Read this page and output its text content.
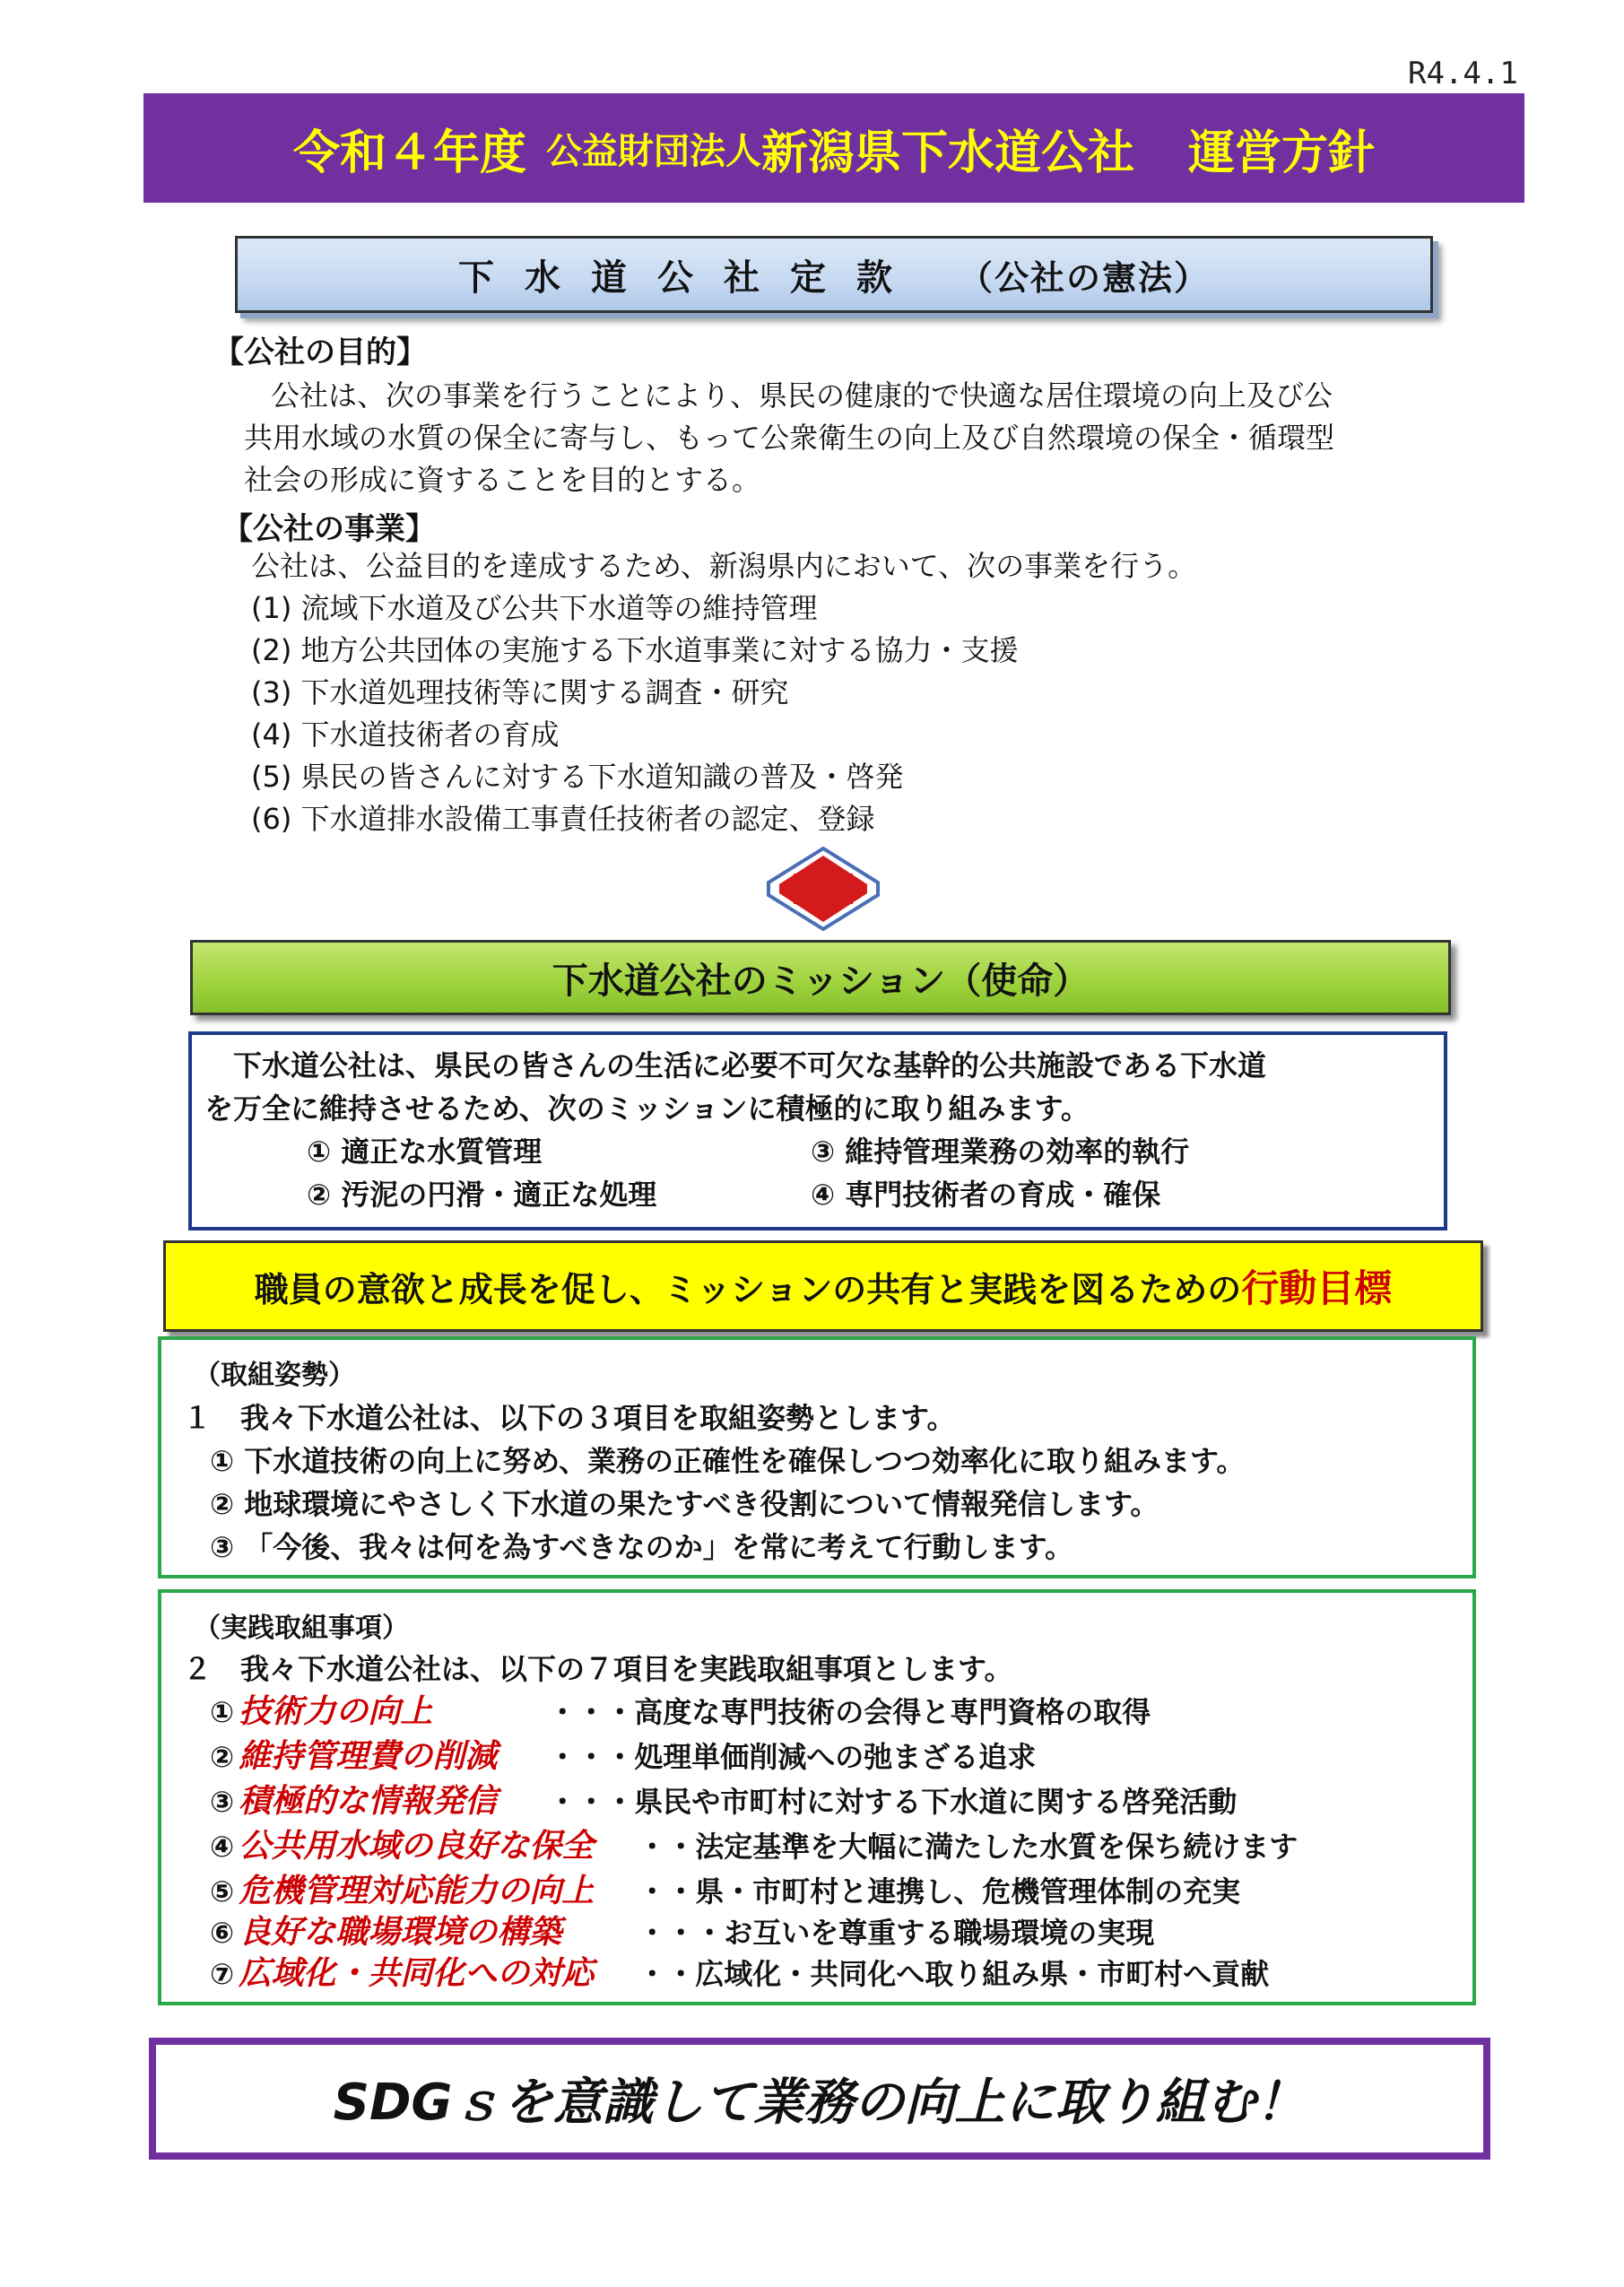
R4.4.1
令和４年度 公益財団法人 新潟県下水道公社 運営方針
下水道公社定款 （公社の憲法）
【公社の目的】
公社は、次の事業を行うことにより、県民の健康的で快適な居住環境の向上及び公
共用水域の水質の保全に寄与し、もって公衆衛生の向上及び自然環境の保全・循環型
社会の形成に資することを目的とする。
【公社の事業】
公社は、公益目的を達成するため、新潟県内において、次の事業を行う。
(1) 流域下水道及び公共下水道等の維持管理
(2) 地方公共団体の実施する下水道事業に対する協力・支援
(3) 下水道処理技術等に関する調査・研究
(4) 下水道技術者の育成
(5) 県民の皆さんに対する下水道知識の普及・啓発
(6) 下水道排水設備工事責任技術者の認定、登録
下水道公社のミッション（使命）
下水道公社は、県民の皆さんの生活に必要不可欠な基幹的公共施設である下水道
を万全に維持させるため、次のミッションに積極的に取り組みます。
① 適正な水質管理	③ 維持管理業務の効率的執行
② 汚泥の円滑・適正な処理	④ 専門技術者の育成・確保
職員の意欲と成長を促し、ミッションの共有と実践を図るための 行動目標
（取組姿勢）
１　我々下水道公社は、以下の３項目を取組姿勢とします。
① 下水道技術の向上に努め、業務の正確性を確保しつつ効率化に取り組みます。
② 地球環境にやさしく下水道の果たすべき役割について情報発信します。
③ 「今後、我々は何を為すべきなのか」を常に考えて行動します。
（実践取組事項）
２　我々下水道公社は、以下の７項目を実践取組事項とします。
① 技術力の向上	・・・高度な専門技術の会得と専門資格の取得
② 維持管理費の削減 ・・・処理単価削減への弛まざる追求
③ 積極的な情報発信 ・・・県民や市町村に対する下水道に関する啓発活動
④ 公共用水域の良好な保全 ・・法定基準を大幅に満たした水質を保ち続けます
⑤ 危機管理対応能力の向上 ・・県・市町村と連携し、危機管理体制の充実
⑥ 良好な職場環境の構築	・・・お互いを尊重する職場環境の実現
⑦ 広域化・共同化への対応 ・・広域化・共同化へ取り組み県・市町村へ貢献
SDGｓを意識して業務の向上に取り組む！
